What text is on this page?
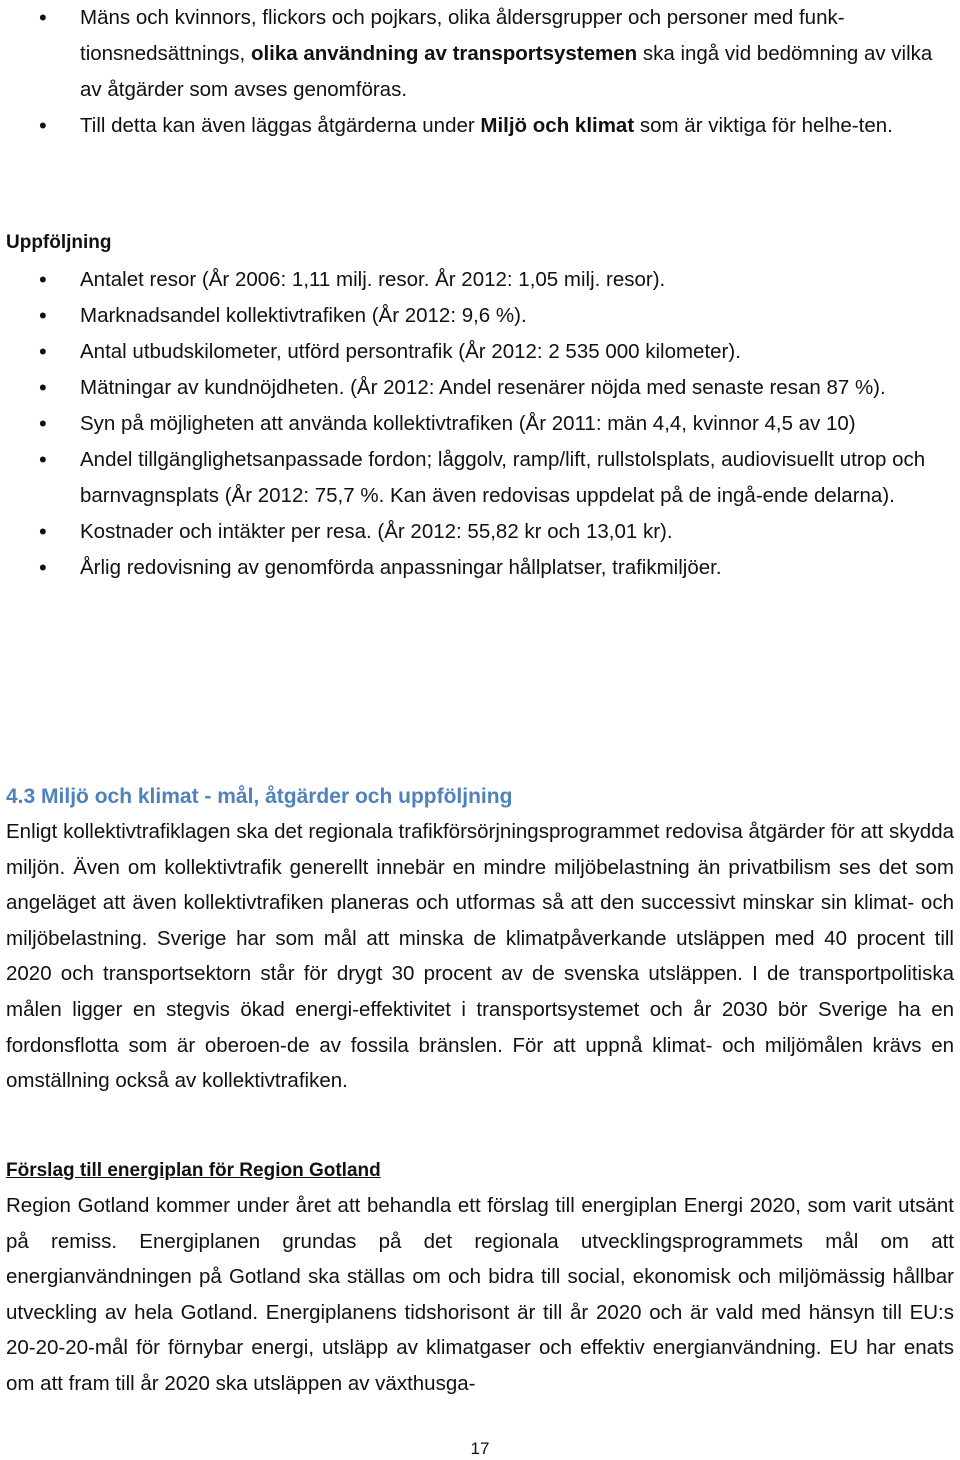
• Mäns och kvinnors, flickors och pojkars, olika åldersgrupper och personer med funk-tionsnedsättnings, olika användning av transportsystemen ska ingå vid bedömning av vilka av åtgärder som avses genomföras.
• Till detta kan även läggas åtgärderna under Miljö och klimat som är viktiga för helhe-ten.
Uppföljning
• Antalet resor (År 2006: 1,11 milj. resor. År 2012: 1,05 milj. resor).
• Marknadsandel kollektivtrafiken (År 2012: 9,6 %).
• Antal utbudskilometer, utförd persontrafik (År 2012: 2 535 000 kilometer).
• Mätningar av kundnöjdheten. (År 2012: Andel resenärer nöjda med senaste resan 87 %).
• Syn på möjligheten att använda kollektivtrafiken (År 2011: män 4,4, kvinnor 4,5 av 10)
• Andel tillgänglighetsanpassade fordon; låggolv, ramp/lift, rullstolsplats, audiovisuellt utrop och barnvagnsplats (År 2012: 75,7 %. Kan även redovisas uppdelat på de ingå-ende delarna).
• Kostnader och intäkter per resa. (År 2012: 55,82 kr och 13,01 kr).
• Årlig redovisning av genomförda anpassningar hållplatser, trafikmiljöer.
4.3 Miljö och klimat - mål, åtgärder och uppföljning
Enligt kollektivtrafiklagen ska det regionala trafikförsörjningsprogrammet redovisa åtgärder för att skydda miljön. Även om kollektivtrafik generellt innebär en mindre miljöbelastning än privatbilism ses det som angeläget att även kollektivtrafiken planeras och utformas så att den successivt minskar sin klimat- och miljöbelastning. Sverige har som mål att minska de klimatpåverkande utsläppen med 40 procent till 2020 och transportsektorn står för drygt 30 procent av de svenska utsläppen. I de transportpolitiska målen ligger en stegvis ökad energi-effektivitet i transportsystemet och år 2030 bör Sverige ha en fordonsflotta som är oberoen-de av fossila bränslen. För att uppnå klimat- och miljömålen krävs en omställning också av kollektivtrafiken.
Förslag till energiplan för Region Gotland
Region Gotland kommer under året att behandla ett förslag till energiplan Energi 2020, som varit utsänt på remiss. Energiplanen grundas på det regionala utvecklingsprogrammets mål om att energianvändningen på Gotland ska ställas om och bidra till social, ekonomisk och miljömässig hållbar utveckling av hela Gotland. Energiplanens tidshorisont är till år 2020 och är vald med hänsyn till EU:s 20-20-20-mål för förnybar energi, utsläpp av klimatgaser och effektiv energianvändning. EU har enats om att fram till år 2020 ska utsläppen av växthusga-
17
